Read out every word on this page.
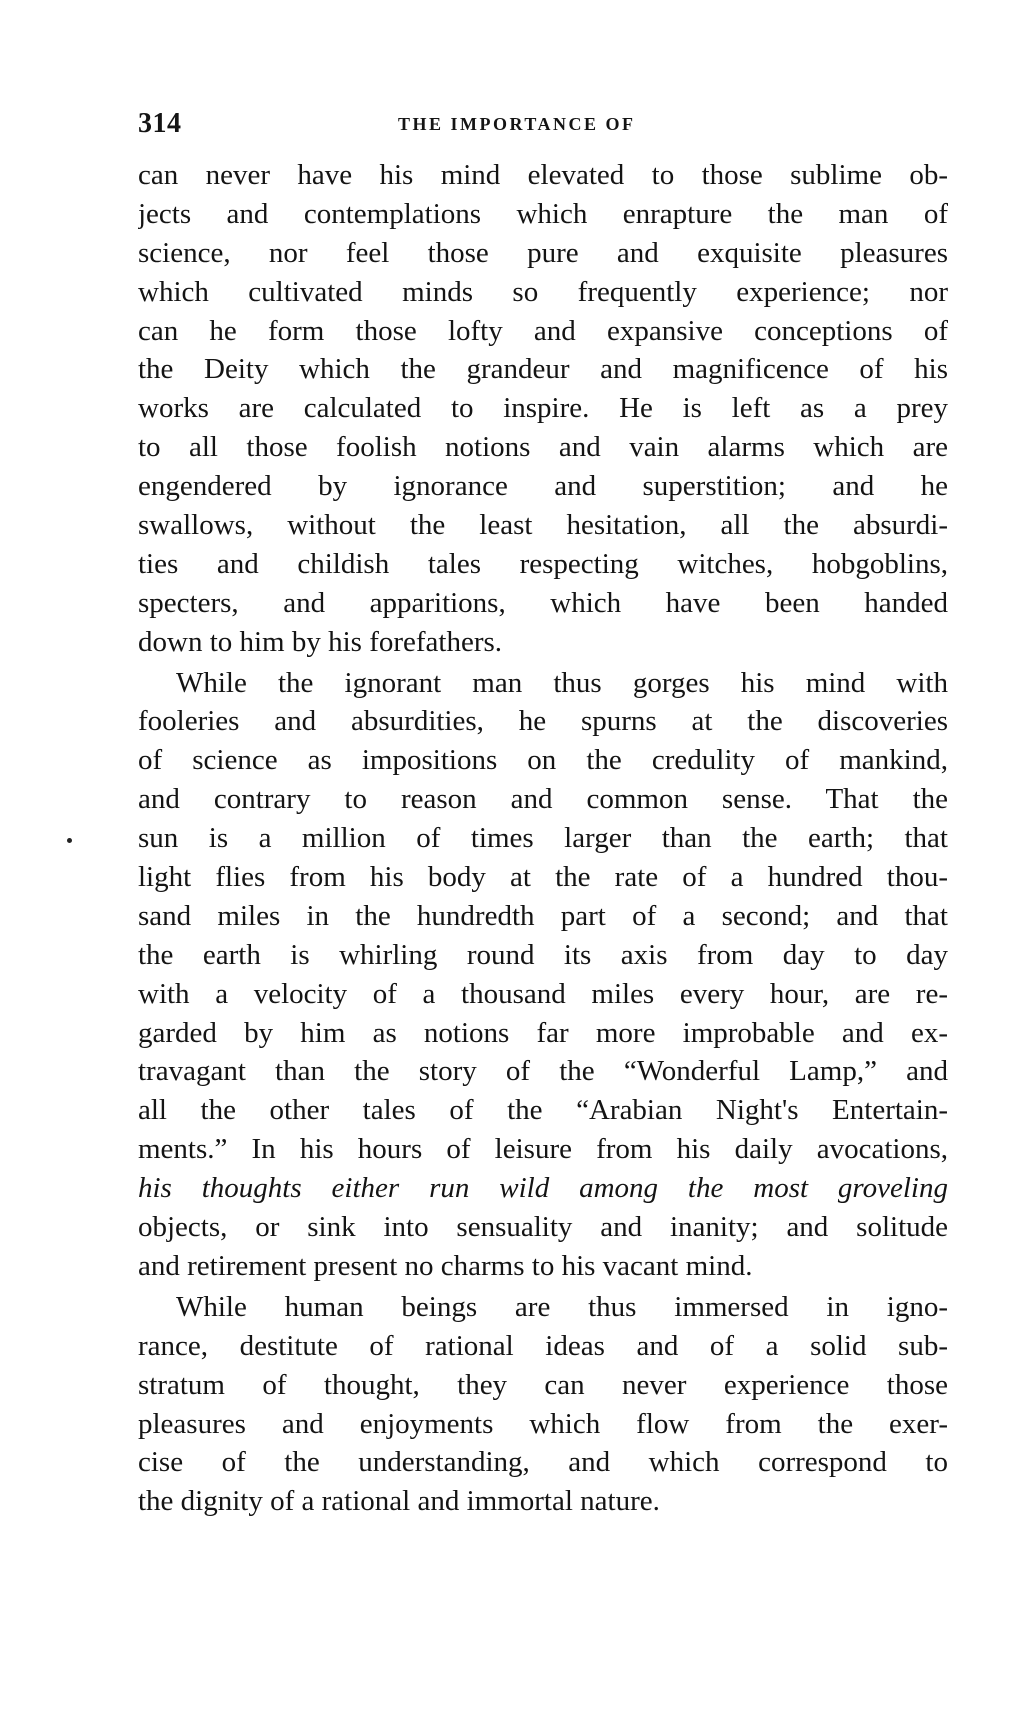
314	THE IMPORTANCE OF
can never have his mind elevated to those sublime ob-
jects and contemplations which enrapture the man of
science, nor feel those pure and exquisite pleasures
which cultivated minds so frequently experience; nor
can he form those lofty and expansive conceptions of
the Deity which the grandeur and magnificence of his
works are calculated to inspire. He is left as a prey
to all those foolish notions and vain alarms which are
engendered by ignorance and superstition; and he
swallows, without the least hesitation, all the absurdi-
ties and childish tales respecting witches, hobgoblins,
specters, and apparitions, which have been handed
down to him by his forefathers.
While the ignorant man thus gorges his mind with
fooleries and absurdities, he spurns at the discoveries
of science as impositions on the credulity of mankind,
and contrary to reason and common sense. That the
sun is a million of times larger than the earth; that
light flies from his body at the rate of a hundred thou-
sand miles in the hundredth part of a second; and that
the earth is whirling round its axis from day to day
with a velocity of a thousand miles every hour, are re-
garded by him as notions far more improbable and ex-
travagant than the story of the “Wonderful Lamp,” and
all the other tales of the “Arabian Night's Entertain-
ments.” In his hours of leisure from his daily avocations,
his thoughts either run wild among the most groveling
objects, or sink into sensuality and inanity; and solitude
and retirement present no charms to his vacant mind.
While human beings are thus immersed in igno-
rance, destitute of rational ideas and of a solid sub-
stratum of thought, they can never experience those
pleasures and enjoyments which flow from the exer-
cise of the understanding, and which correspond to
the dignity of a rational and immortal nature.
